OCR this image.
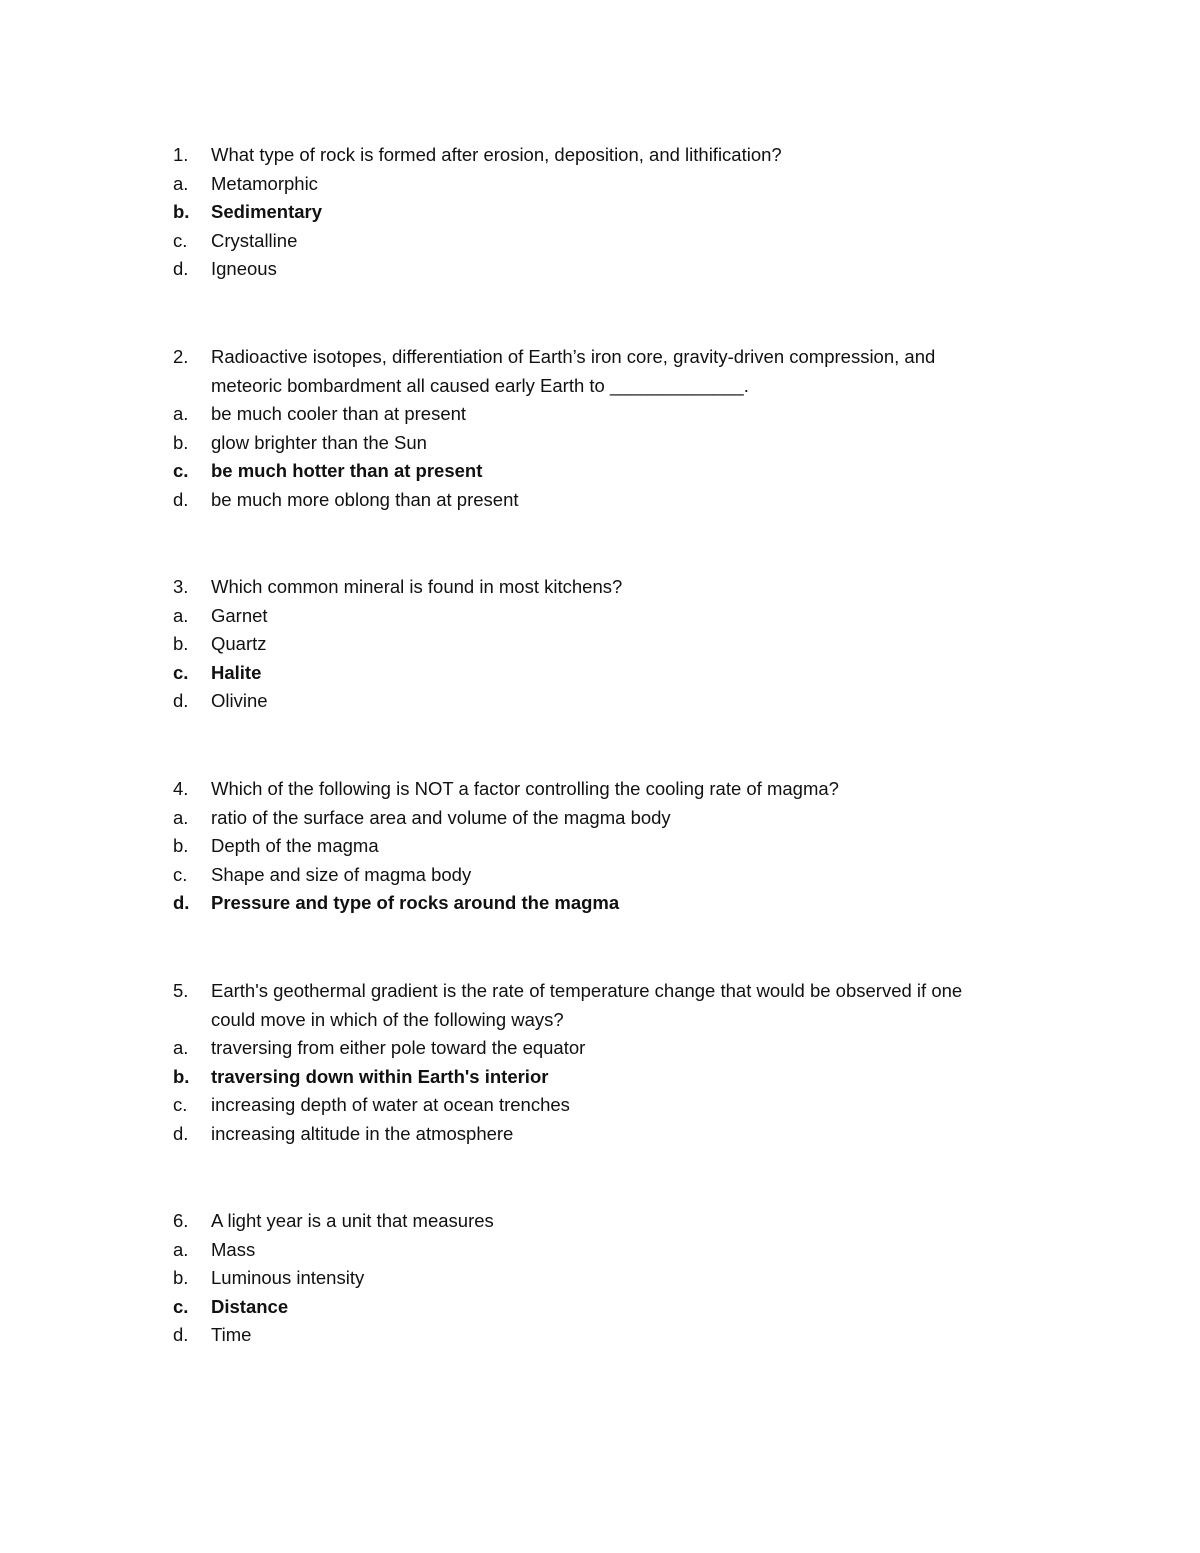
1. What type of rock is formed after erosion, deposition, and lithification?
a. Metamorphic
b. Sedimentary
c. Crystalline
d. Igneous
2. Radioactive isotopes, differentiation of Earth’s iron core, gravity-driven compression, and
meteoric bombardment all caused early Earth to _____________.
a. be much cooler than at present
b. glow brighter than the Sun
c. be much hotter than at present
d. be much more oblong than at present
3. Which common mineral is found in most kitchens?
a. Garnet
b. Quartz
c. Halite
d. Olivine
4. Which of the following is NOT a factor controlling the cooling rate of magma?
a. ratio of the surface area and volume of the magma body
b. Depth of the magma
c. Shape and size of magma body
d. Pressure and type of rocks around the magma
5. Earth's geothermal gradient is the rate of temperature change that would be observed if one
could move in which of the following ways?
a. traversing from either pole toward the equator
b. traversing down within Earth's interior
c. increasing depth of water at ocean trenches
d. increasing altitude in the atmosphere
6. A light year is a unit that measures
a. Mass
b. Luminous intensity
c. Distance
d. Time
